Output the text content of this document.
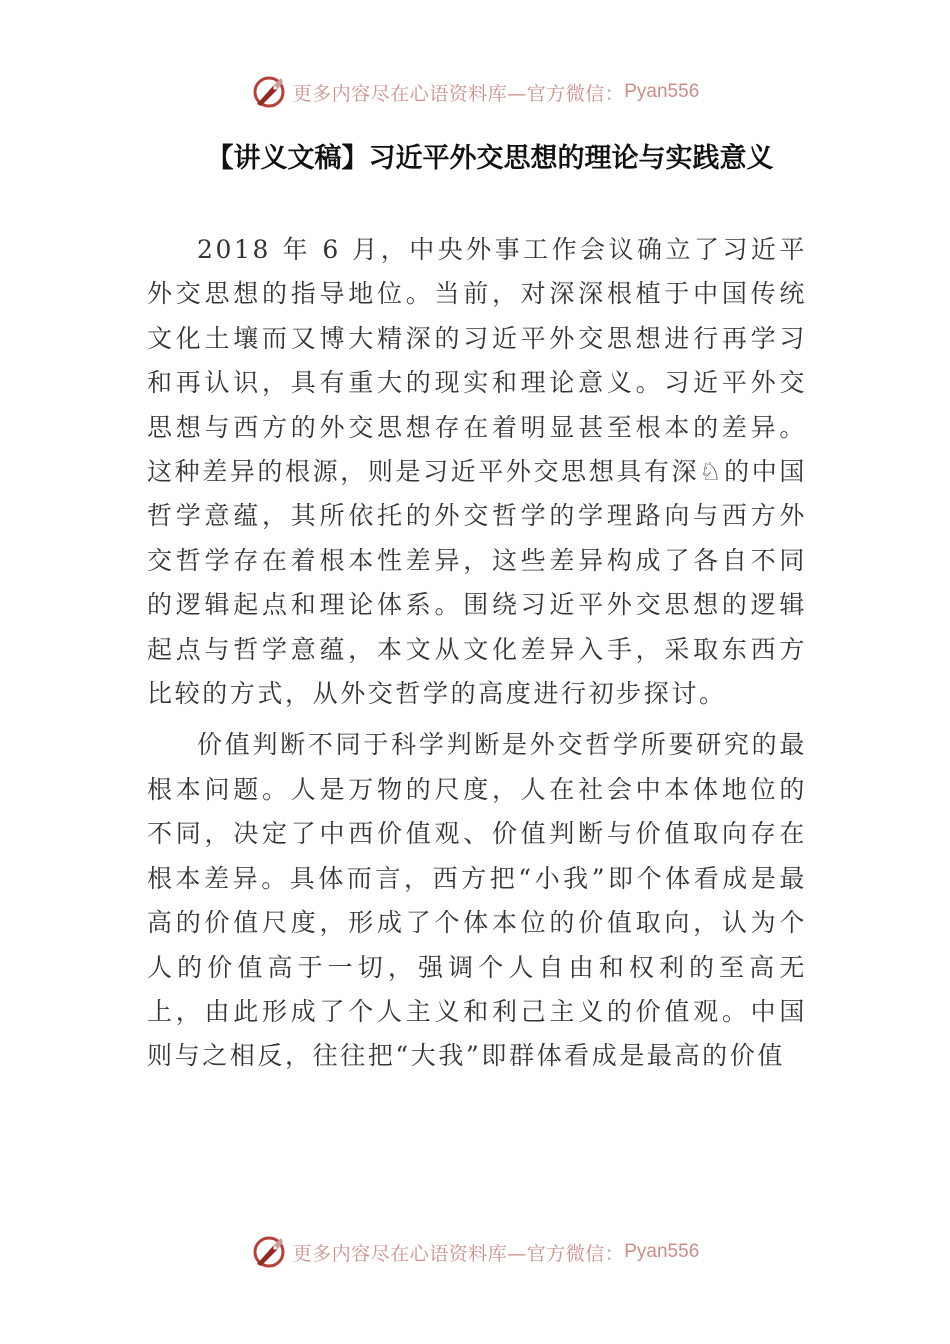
更多内容尽在心语资料库—官方微信： Pyan556
【讲义文稿】习近平外交思想的理论与实践意义

2018 年 6 月，中央外事工作会议确立了习近平外交思想的指导地位。当前，对深深根植于中国传统文化土壤而又博大精深的习近平外交思想进行再学习和再认识，具有重大的现实和理论意义。习近平外交思想与西方的外交思想存在着明显甚至根本的差异。这种差异的根源，则是习近平外交思想具有深♘的中国哲学意蕴，其所依托的外交哲学的学理路向与西方外交哲学存在着根本性差异，这些差异构成了各自不同的逻辑起点和理论体系。围绕习近平外交思想的逻辑起点与哲学意蕴，本文从文化差异入手，采取东西方比较的方式，从外交哲学的高度进行初步探讨。

价值判断不同于科学判断是外交哲学所要研究的最根本问题。人是万物的尺度，人在社会中本体地位的不同，决定了中西价值观、价值判断与价值取向存在根本差异。具体而言，西方把“小我”即个体看成是最高的价值尺度，形成了个体本位的价值取向，认为个人的价值高于一切，强调个人自由和权利的至高无上，由此形成了个人主义和利己主义的价值观。中国则与之相反，往往把“大我”即群体看成是最高的价值

更多内容尽在心语资料库—官方微信： Pyan556
